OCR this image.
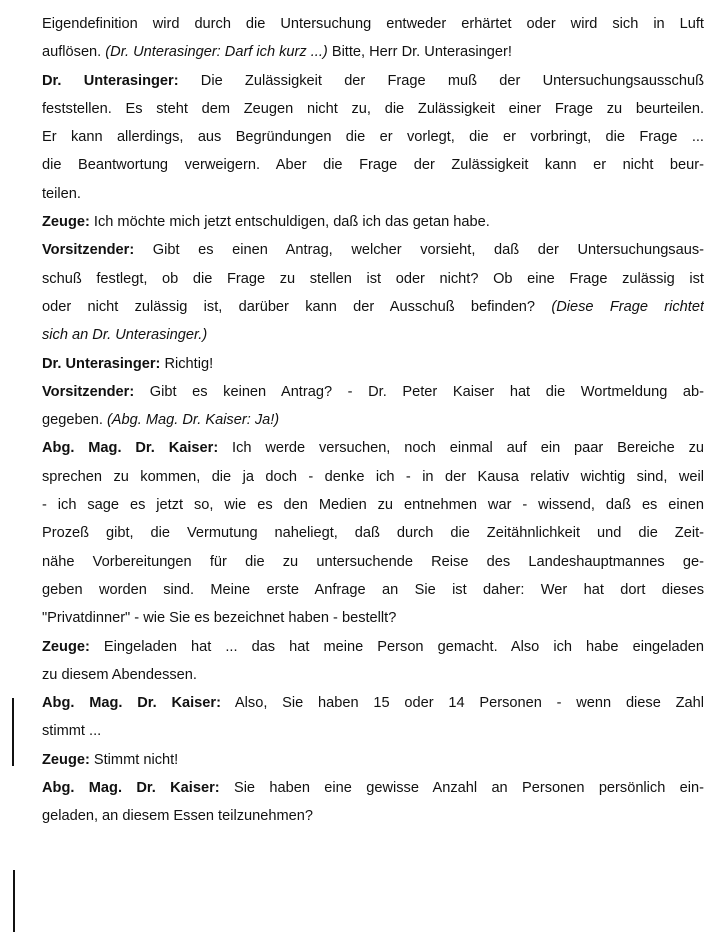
Eigendefinition wird durch die Untersuchung entweder erhärtet oder wird sich in Luft
auflösen. (Dr. Unterasinger: Darf ich kurz ...) Bitte, Herr Dr. Unterasinger!
Dr. Unterasinger: Die Zulässigkeit der Frage muß der Untersuchungsausschuß
feststellen. Es steht dem Zeugen nicht zu, die Zulässigkeit einer Frage zu beurteilen.
Er kann allerdings, aus Begründungen die er vorlegt, die er vorbringt, die Frage ...
die Beantwortung verweigern. Aber die Frage der Zulässigkeit kann er nicht beur-
teilen.
Zeuge: Ich möchte mich jetzt entschuldigen, daß ich das getan habe.
Vorsitzender: Gibt es einen Antrag, welcher vorsieht, daß der Untersuchungsaus-
schuß festlegt, ob die Frage zu stellen ist oder nicht? Ob eine Frage zulässig ist
oder nicht zulässig ist, darüber kann der Ausschuß befinden? (Diese Frage richtet
sich an Dr. Unterasinger.)
Dr. Unterasinger: Richtig!
Vorsitzender: Gibt es keinen Antrag? - Dr. Peter Kaiser hat die Wortmeldung ab-
gegeben. (Abg. Mag. Dr. Kaiser: Ja!)
Abg. Mag. Dr. Kaiser: Ich werde versuchen, noch einmal auf ein paar Bereiche zu
sprechen zu kommen, die ja doch - denke ich - in der Kausa relativ wichtig sind, weil
- ich sage es jetzt so, wie es den Medien zu entnehmen war - wissend, daß es einen
Prozeß gibt, die Vermutung naheliegt, daß durch die Zeitähnlichkeit und die Zeit-
nähe Vorbereitungen für die zu untersuchende Reise des Landeshauptmannes ge-
geben worden sind. Meine erste Anfrage an Sie ist daher: Wer hat dort dieses
"Privatdinner" - wie Sie es bezeichnet haben - bestellt?
Zeuge: Eingeladen hat ... das hat meine Person gemacht. Also ich habe eingeladen
zu diesem Abendessen.
Abg. Mag. Dr. Kaiser: Also, Sie haben 15 oder 14 Personen - wenn diese Zahl
stimmt ...
Zeuge: Stimmt nicht!
Abg. Mag. Dr. Kaiser: Sie haben eine gewisse Anzahl an Personen persönlich ein-
geladen, an diesem Essen teilzunehmen?
